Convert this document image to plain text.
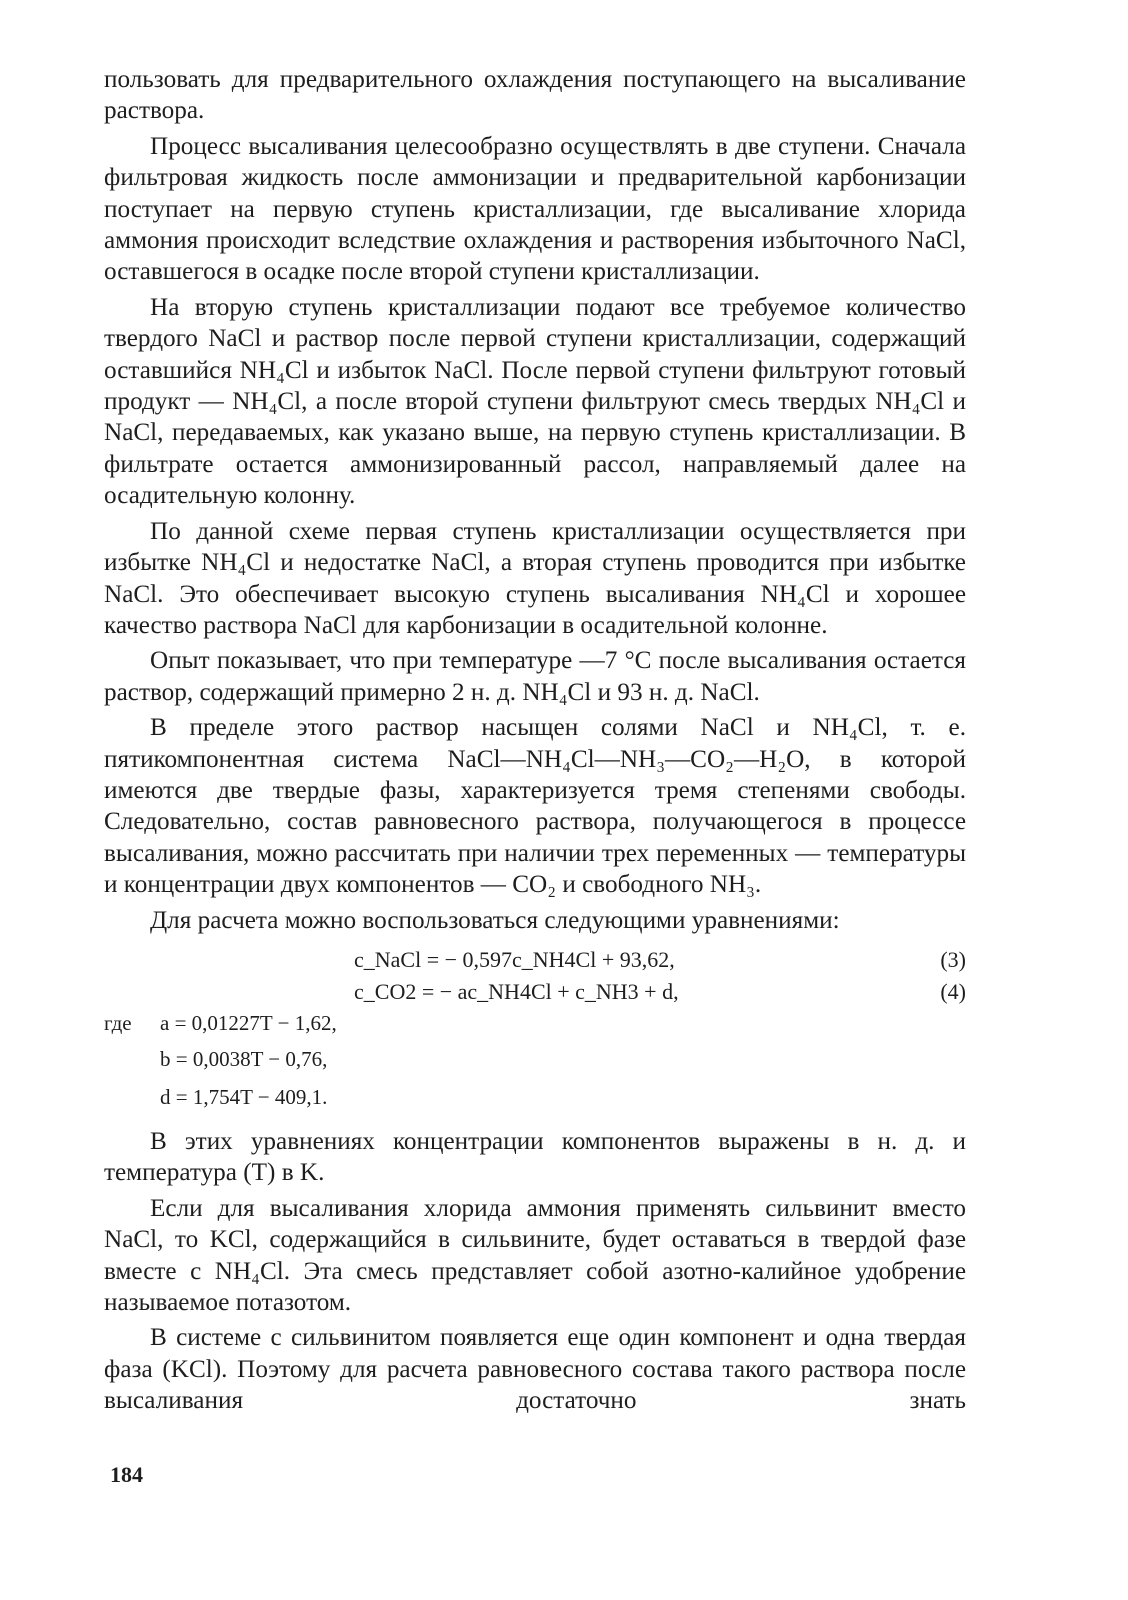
пользовать для предварительного охлаждения поступающего на высаливание раствора.

Процесс высаливания целесообразно осуществлять в две ступени. Сначала фильтровая жидкость после аммонизации и предварительной карбонизации поступает на первую ступень кристаллизации, где высаливание хлорида аммония происходит вследствие охлаждения и растворения избыточного NaCl, оставшегося в осадке после второй ступени кристаллизации.

На вторую ступень кристаллизации подают все требуемое количество твердого NaCl и раствор после первой ступени кристаллизации, содержащий оставшийся NH₄Cl и избыток NaCl. После первой ступени фильтруют готовый продукт — NH₄Cl, а после второй ступени фильтруют смесь твердых NH₄Cl и NaCl, передаваемых, как указано выше, на первую ступень кристаллизации. В фильтрате остается аммонизированный рассол, направляемый далее на осадительную колонну.

По данной схеме первая ступень кристаллизации осуществляется при избытке NH₄Cl и недостатке NaCl, а вторая ступень проводится при избытке NaCl. Это обеспечивает высокую ступень высаливания NH₄Cl и хорошее качество раствора NaCl для карбонизации в осадительной колонне.

Опыт показывает, что при температуре —7 °C после высаливания остается раствор, содержащий примерно 2 н. д. NH₄Cl и 93 н. д. NaCl.

В пределе этого раствор насыщен солями NaCl и NH₄Cl, т. е. пятикомпонентная система NaCl—NH₄Cl—NH₃—CO₂—H₂O, в которой имеются две твердые фазы, характеризуется тремя степенями свободы. Следовательно, состав равновесного раствора, получающегося в процессе высаливания, можно рассчитать при наличии трех переменных — температуры и концентрации двух компонентов — CO₂ и свободного NH₃.

Для расчета можно воспользоваться следующими уравнениями:

c_NaCl = − 0,597c_NH4Cl + 93,62,	(3)
c_CO2 = − ac_NH4Cl + c_NH3 + d,	(4)
где a = 0,01227T − 1,62,
b = 0,0038T − 0,76,
d = 1,754T − 409,1.

В этих уравнениях концентрации компонентов выражены в н. д. и температура (T) в K.

Если для высаливания хлорида аммония применять сильвинит вместо NaCl, то KCl, содержащийся в сильвините, будет оставаться в твердой фазе вместе с NH₄Cl. Эта смесь представляет собой азотно-калийное удобрение называемое потазотом.

В системе с сильвинитом появляется еще один компонент и одна твердая фаза (KCl). Поэтому для расчета равновесного состава такого раствора после высаливания достаточно знать

184
